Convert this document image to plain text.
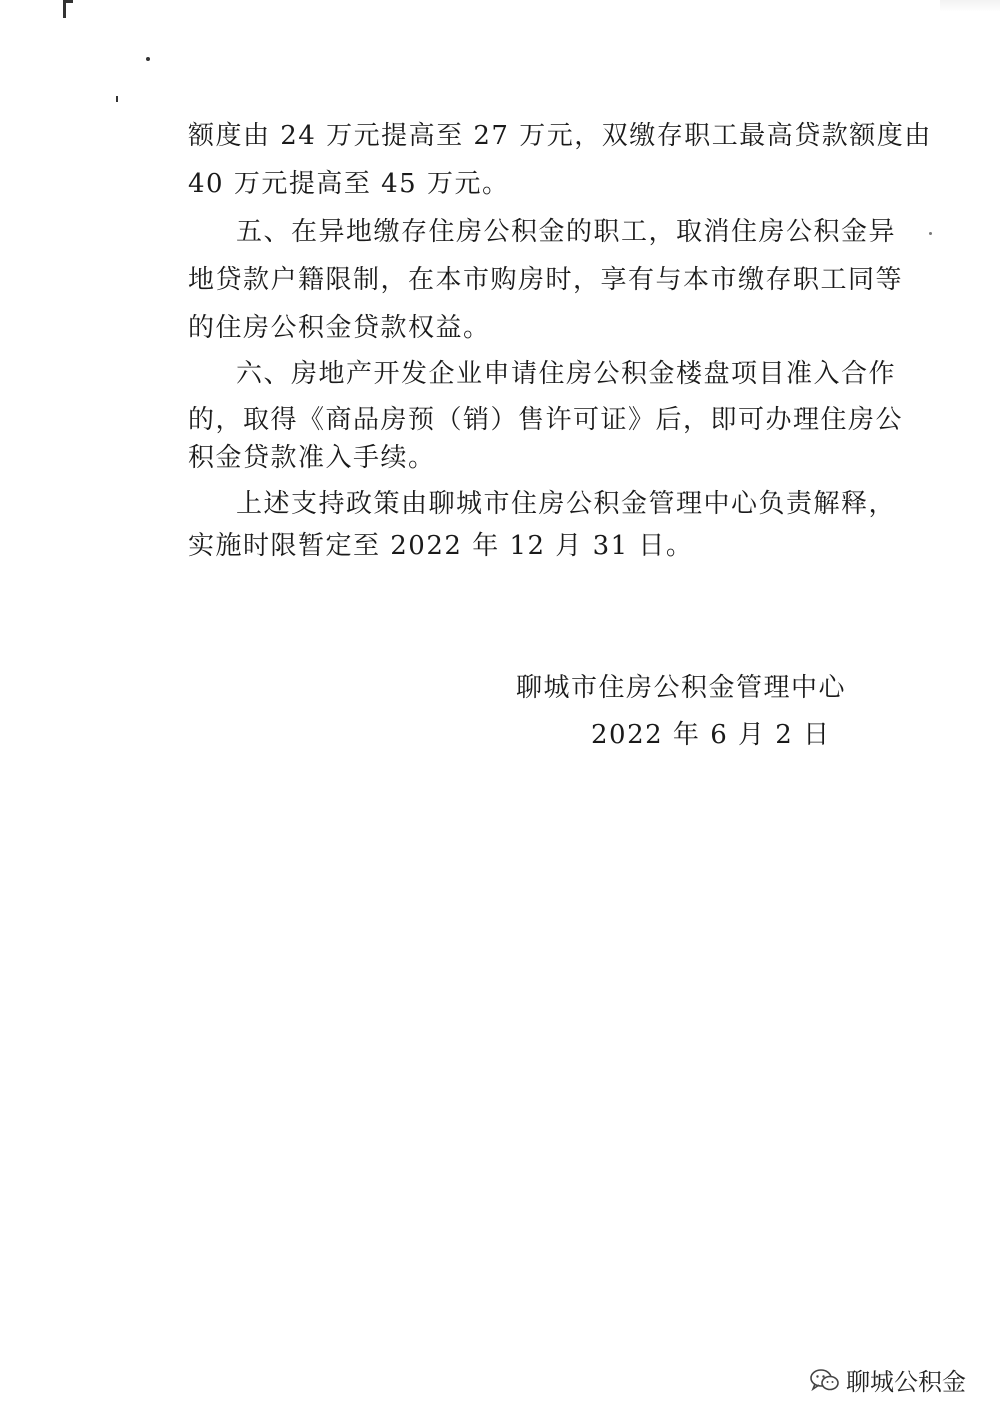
额度由 24 万元提高至 27 万元，双缴存职工最高贷款额度由
40 万元提高至 45 万元。
五、在异地缴存住房公积金的职工，取消住房公积金异
地贷款户籍限制，在本市购房时，享有与本市缴存职工同等
的住房公积金贷款权益。
六、房地产开发企业申请住房公积金楼盘项目准入合作
的，取得《商品房预（销）售许可证》后，即可办理住房公
积金贷款准入手续。
上述支持政策由聊城市住房公积金管理中心负责解释，
实施时限暂定至 2022 年 12 月 31 日。
聊城市住房公积金管理中心
2022 年 6 月 2 日
聊城公积金
